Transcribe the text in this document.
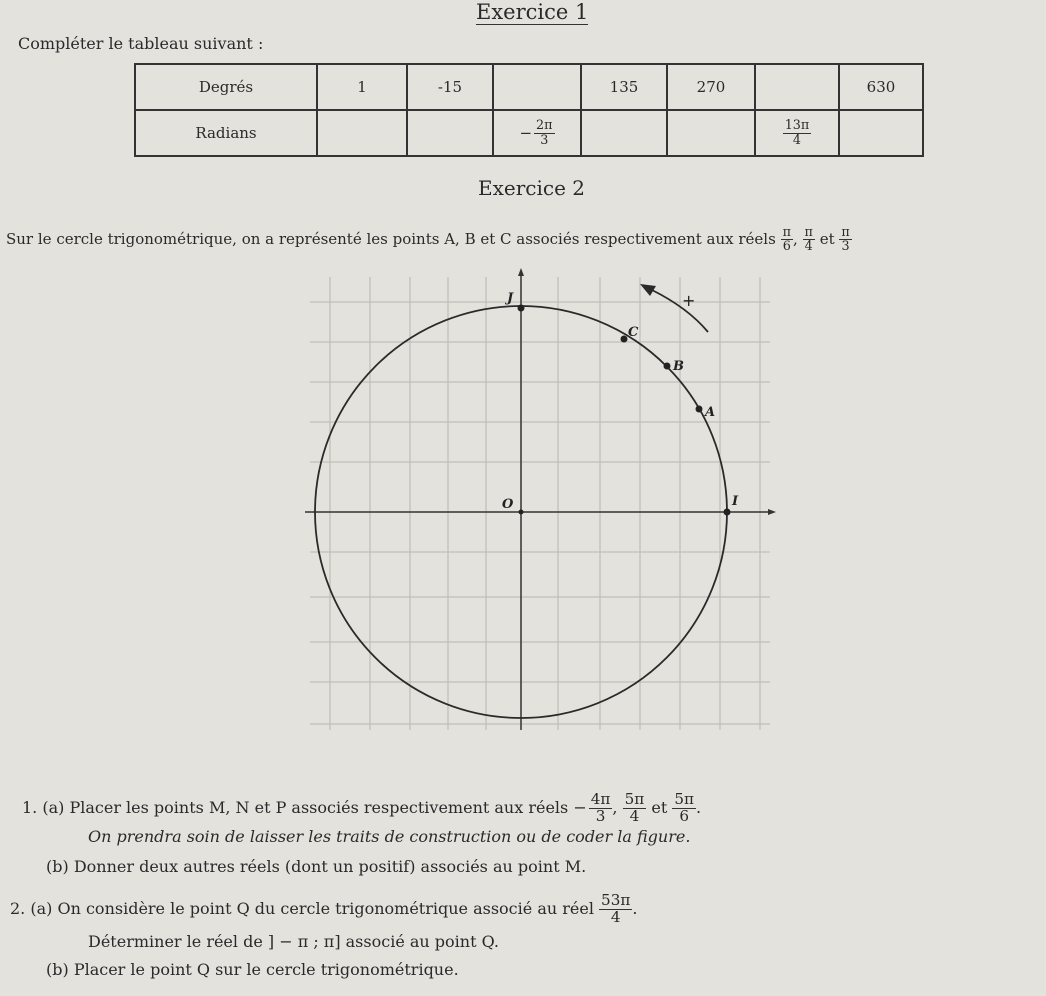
Exercice 1
Compléter le tableau suivant :
Degrés	1	-15		135	270		630
Radians			− $\frac{2\pi}{3}$			$\frac{13\pi}{4}$

Exercice 2
Sur le cercle trigonométrique, on a représenté les points A, B et C associés respectivement aux réels $\frac{\pi}{6}$ , $\frac{\pi}{4}$ et $\frac{\pi}{3}$
J
O	I
C
B
A
+
1. (a) Placer les points M, N et P associés respectivement aux réels − $\frac{4\pi}{3}$ , $\frac{5\pi}{4}$ et $\frac{5\pi}{6}$ .
On prendra soin de laisser les traits de construction ou de coder la figure.
(b) Donner deux autres réels (dont un positif) associés au point M.
2. (a) On considère le point Q du cercle trigonométrique associé au réel $\frac{53\pi}{4}$ .
Déterminer le réel de ] − π ; π] associé au point Q.
(b) Placer le point Q sur le cercle trigonométrique.
